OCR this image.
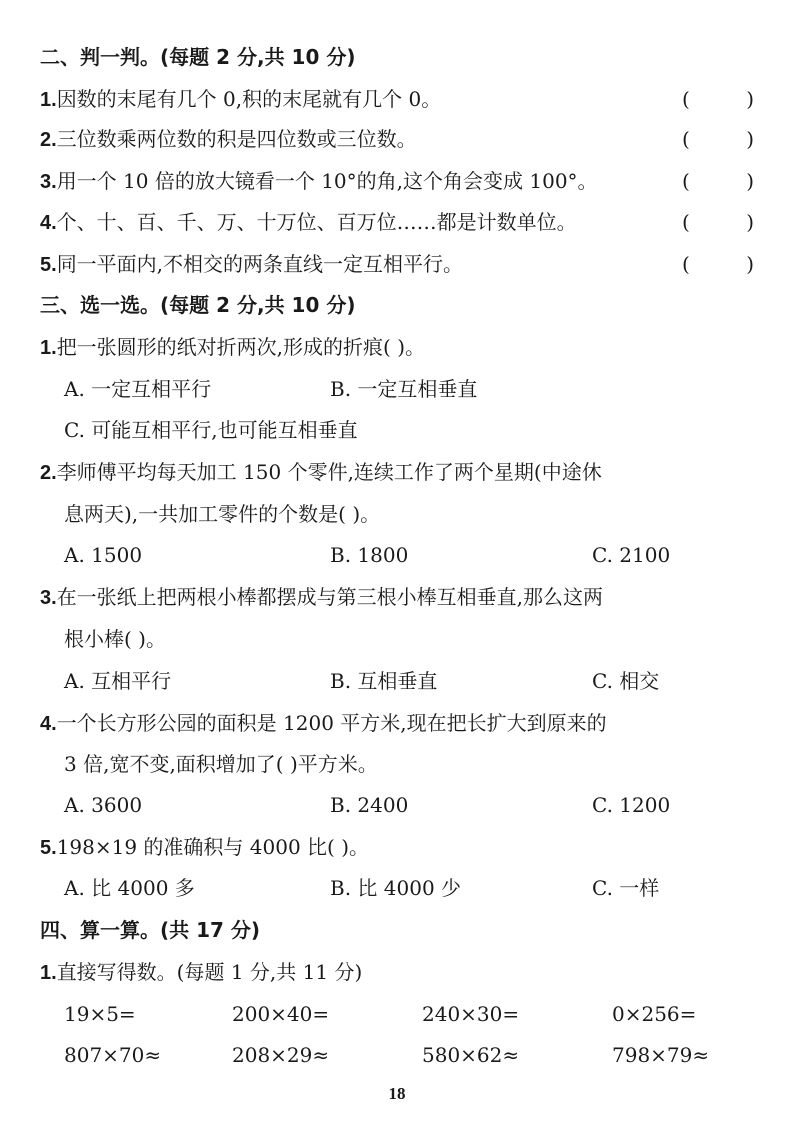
二、判一判。(每题 2 分,共 10 分)
1.因数的末尾有几个 0,积的末尾就有几个 0。	(	)
2.三位数乘两位数的积是四位数或三位数。	(	)
3.用一个 10 倍的放大镜看一个 10°的角,这个角会变成 100°。	(	)
4.个、十、百、千、万、十万位、百万位……都是计数单位。	(	)
5.同一平面内,不相交的两条直线一定互相平行。	(	)
三、选一选。(每题 2 分,共 10 分)
1.把一张圆形的纸对折两次,形成的折痕( )。
A. 一定互相平行	B. 一定互相垂直
C. 可能互相平行,也可能互相垂直
2.李师傅平均每天加工 150 个零件,连续工作了两个星期(中途休
息两天),一共加工零件的个数是( )。
A. 1500	B. 1800	C. 2100
3.在一张纸上把两根小棒都摆成与第三根小棒互相垂直,那么这两
根小棒( )。
A. 互相平行	B. 互相垂直	C. 相交
4.一个长方形公园的面积是 1200 平方米,现在把长扩大到原来的
3 倍,宽不变,面积增加了( )平方米。
A. 3600	B. 2400	C. 1200
5.198×19 的准确积与 4000 比( )。
A. 比 4000 多	B. 比 4000 少	C. 一样
四、算一算。(共 17 分)
1.直接写得数。(每题 1 分,共 11 分)
19×5=	200×40=	240×30=	0×256=
807×70≈	208×29≈	580×62≈	798×79≈
18
